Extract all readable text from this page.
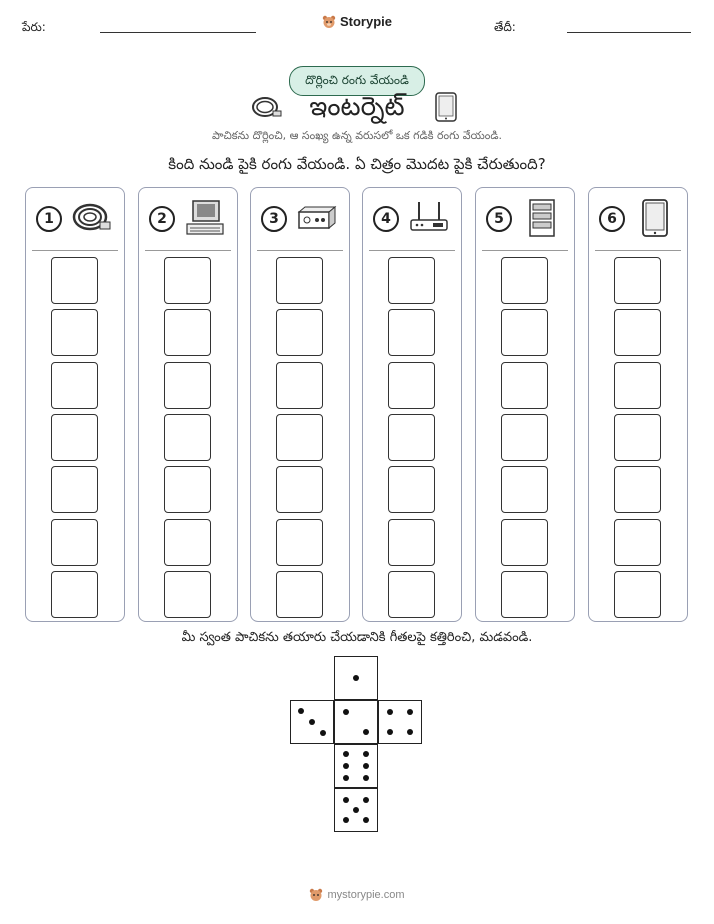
పేరు:	Storypie	తేదీ:
దొర్లించి రంగు వేయండి
ఇంటర్నెట్
పాచికను దొర్లించి, ఆ సంఖ్య ఉన్న వరుసలో ఒక గడికి రంగు వేయండి.
కింది నుండి పైకి రంగు వేయండి. ఏ చిత్రం మొదట పైకి చేరుతుంది?
1	2	3	4	5	6
మీ స్వంత పాచికను తయారు చేయడానికి గీతలపై కత్తిరించి, మడవండి.
mystorypie.com
